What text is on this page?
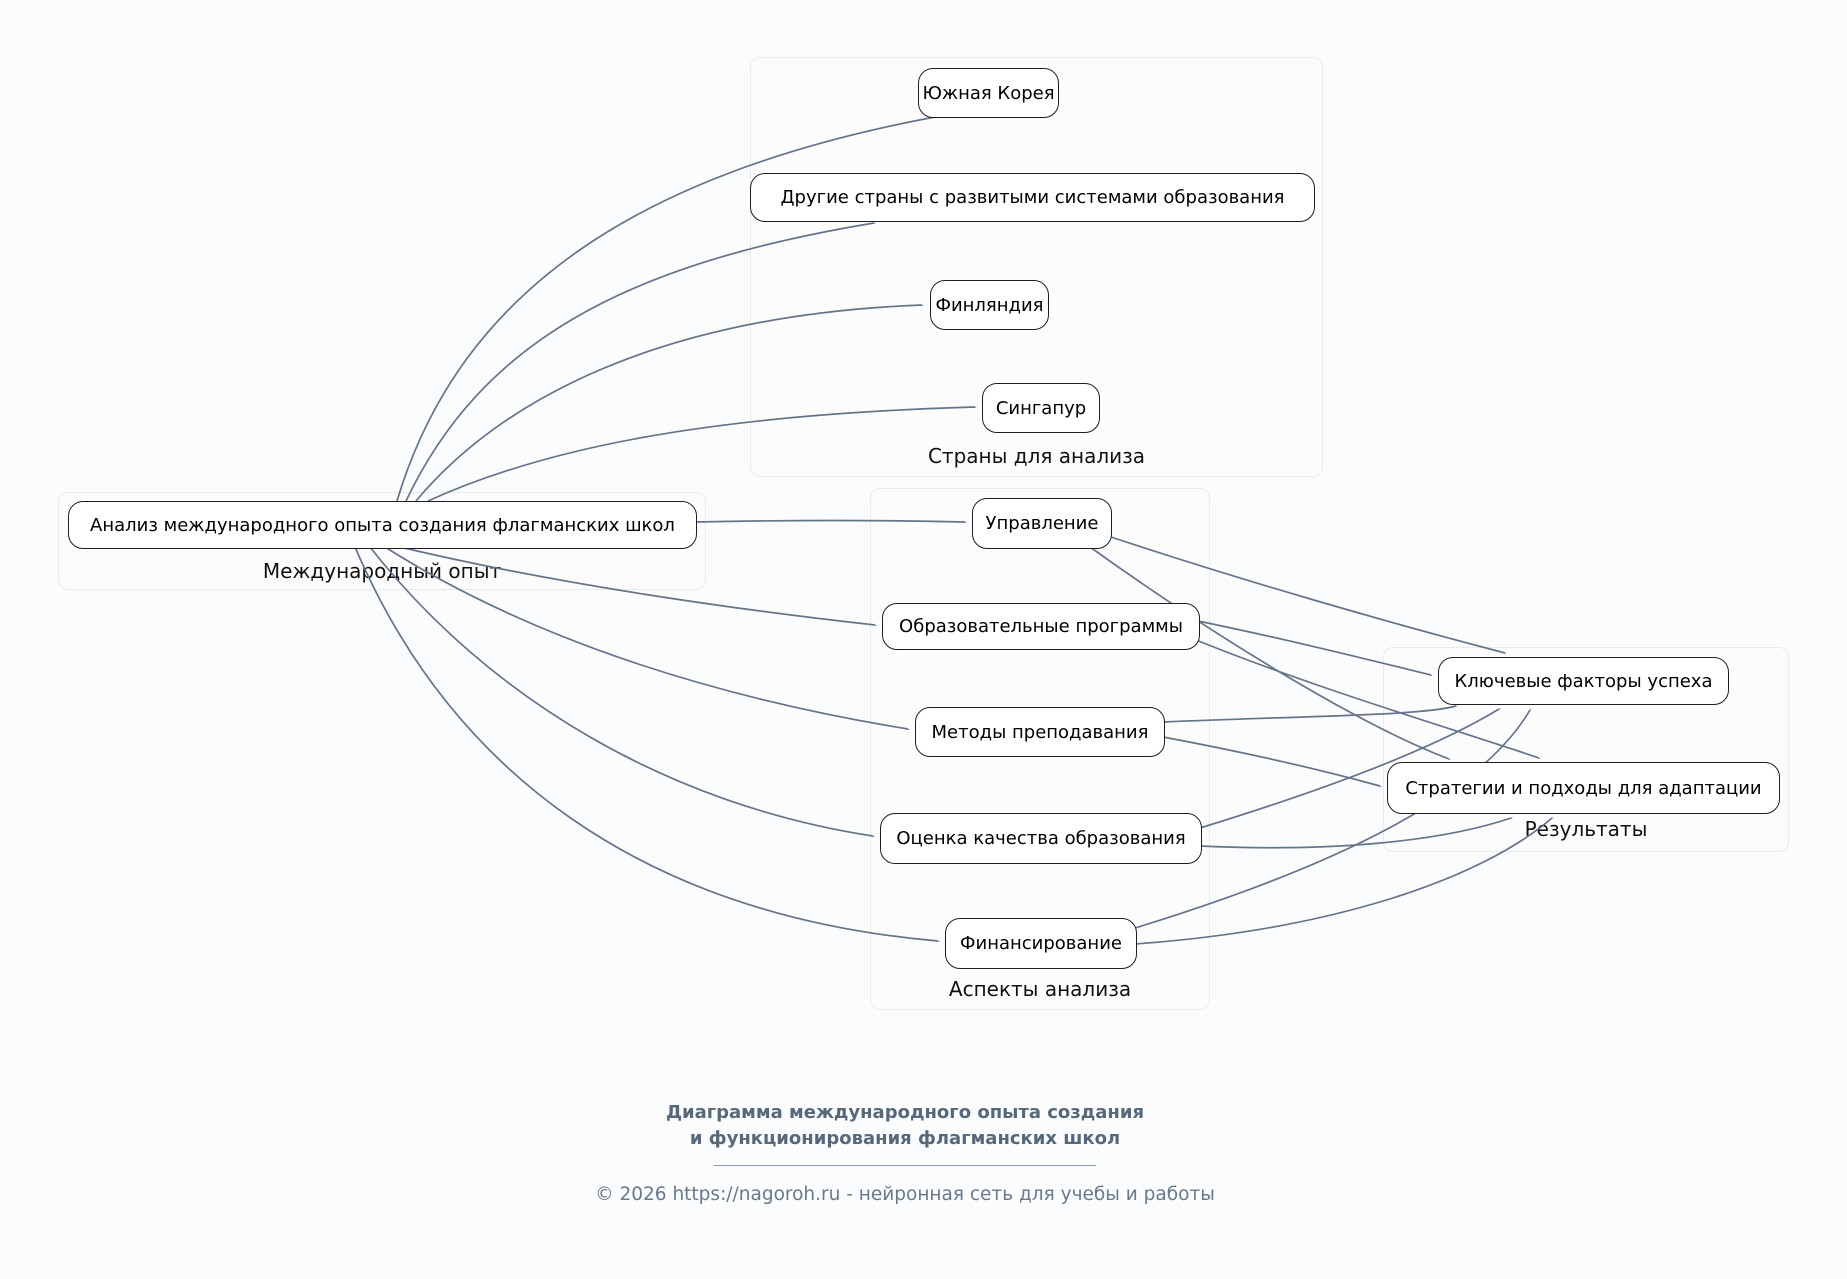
Страны для анализа
Международный опыт
Аспекты анализа
Результаты
Анализ международного опыта создания флагманских школ
Южная Корея
Другие страны с развитыми системами образования
Финляндия
Сингапур
Управление
Образовательные программы
Методы преподавания
Оценка качества образования
Финансирование
Ключевые факторы успеха
Стратегии и подходы для адаптации

Диаграмма международного опыта создания и функционирования флагманских школ

© 2026 https://nagoroh.ru - нейронная сеть для учебы и работы
